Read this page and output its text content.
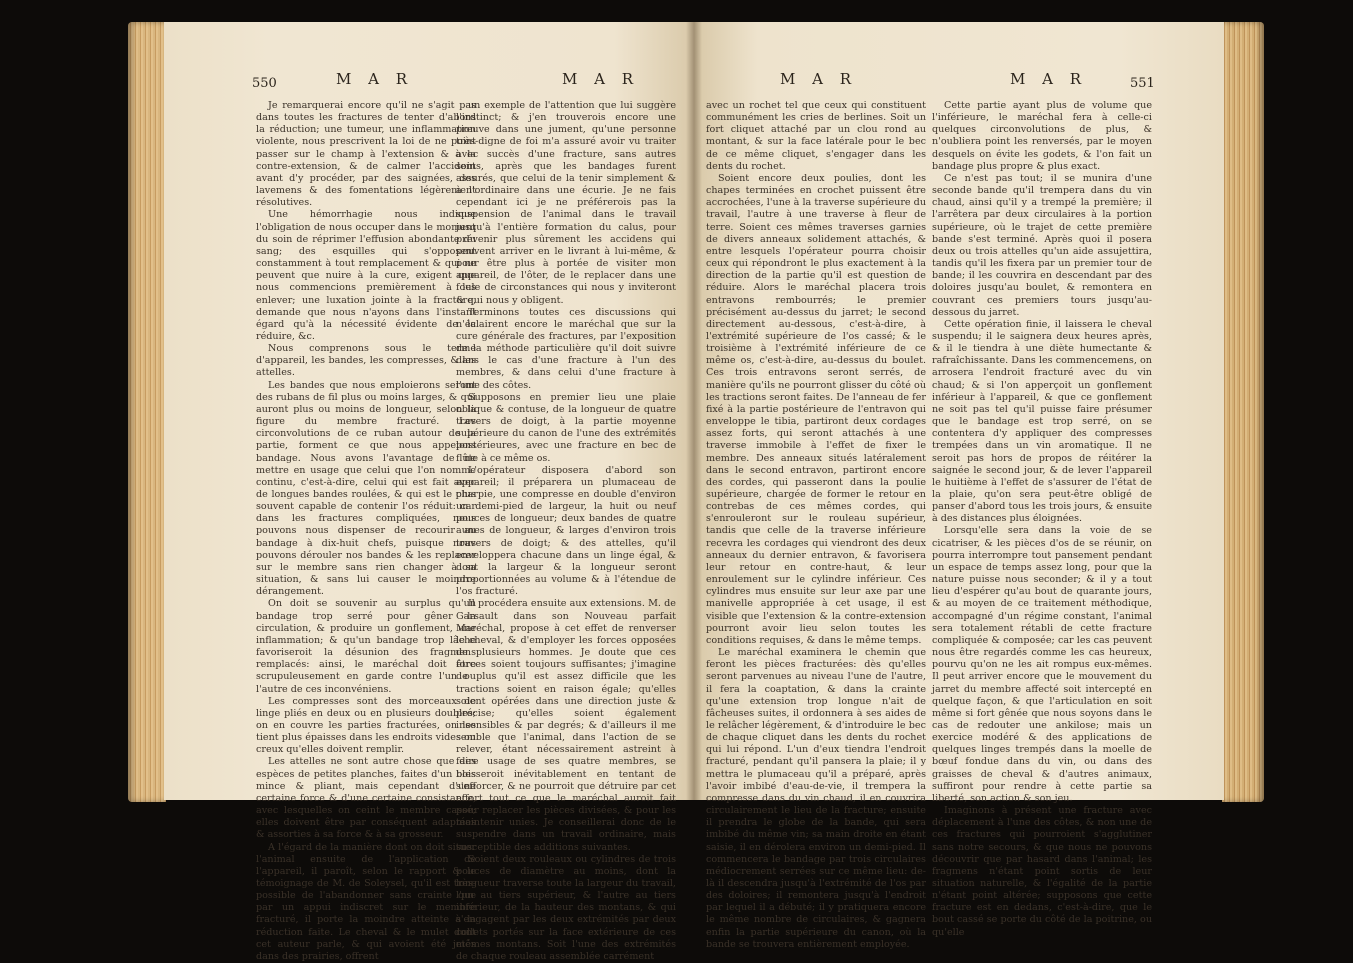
550	M A R	M A R

Je remarquerai encore qu'il ne s'agit pas dans toutes les fractures de tenter d'abord la réduction; une tumeur, une inflammation violente, nous prescrivent la loi de ne point passer sur le champ à l'extension & à la contre-extension, & de calmer l'accident avant d'y procéder, par des saignées, des lavemens & des fomentations légèrement résolutives.

Une hémorrhagie nous indique l'obligation de nous occuper dans le moment du soin de réprimer l'effusion abondante du sang; des esquilles qui s'opposent constamment à tout remplacement & qui ne peuvent que nuire à la cure, exigent que nous commencions premièrement à les enlever; une luxation jointe à la fracture, demande que nous n'ayons dans l'instant égard qu'à la nécessité évidente de la réduire, &c.

Nous comprenons sous le terme d'appareil, les bandes, les compresses, & les attelles.

Les bandes que nous emploierons seront des rubans de fil plus ou moins larges, & qui auront plus ou moins de longueur, selon la figure du membre fracturé. Les circonvolutions de ce ruban autour de la partie, forment ce que nous appelons bandage. Nous avons l'avantage de ne mettre en usage que celui que l'on nomme continu, c'est-à-dire, celui qui est fait avec de longues bandes roulées, & qui est le plus souvent capable de contenir l'os réduit: car dans les fractures compliquées, nous pouvons nous dispenser de recourir au bandage à dix-huit chefs, puisque nous pouvons dérouler nos bandes & les replacer sur le membre sans rien changer à sa situation, & sans lui causer le moindre dérangement.

On doit se souvenir au surplus qu'un bandage trop serré pour gêner la circulation, & produire un gonflement, une inflammation; & qu'un bandage trop lâche favoriseroit la désunion des fragmens remplacés: ainsi, le maréchal doit être scrupuleusement en garde contre l'un ou l'autre de ces inconvéniens.

Les compresses sont des morceaux de linge pliés en deux ou en plusieurs doubles; on en couvre les parties fracturées, on les tient plus épaisses dans les endroits vides ou creux qu'elles doivent remplir.

Les attelles ne sont autre chose que des espèces de petites planches, faites d'un bois mince & pliant, mais cependant d'une certaine force & d'une certaine consistance, avec lesquelles on ceint le membre cassé; elles doivent être par conséquent adaptées & assorties à sa force & à sa grosseur.

A l'égard de la manière dont on doit situer l'animal ensuite de l'application de l'appareil, il paroît, selon le rapport & le témoignage de M. de Soleysel, qu'il est très-possible de l'abandonner sans crainte que par un appui indiscret sur le membre fracturé, il porte la moindre atteinte à la réduction faite. Le cheval & le mulet dont cet auteur parle, & qui avoient été jetés dans des prairies, offrent

un exemple de l'attention que lui suggère l'instinct; & j'en trouverois encore une preuve dans une jument, qu'une personne très-digne de foi m'a assuré avoir vu traiter avec succès d'une fracture, sans autres soins, après que les bandages furent assurés, que celui de la tenir simplement & à l'ordinaire dans une écurie. Je ne fais cependant ici je ne préférerois pas la suspension de l'animal dans le travail jusqu'à l'entière formation du calus, pour prévenir plus sûrement les accidens qui peuvent arriver en le livrant à lui-même, & pour être plus à portée de visiter mon appareil, de l'ôter, de le replacer dans une foule de circonstances qui nous y inviteront & qui nous y obligent.

Terminons toutes ces discussions qui n'éclairent encore le maréchal que sur la cure générale des fractures, par l'exposition de la méthode particulière qu'il doit suivre dans le cas d'une fracture à l'un des membres, & dans celui d'une fracture à l'une des côtes.

Supposons en premier lieu une plaie oblique & contuse, de la longueur de quatre travers de doigt, à la partie moyenne supérieure du canon de l'une des extrémités postérieures, avec une fracture en bec de flûte à ce même os.

L'opérateur disposera d'abord son appareil; il préparera un plumaceau de charpie, une compresse en double d'environ un demi-pied de largeur, la huit ou neuf pouces de longueur; deux bandes de quatre aunes de longueur, & larges d'environ trois travers de doigt; & des attelles, qu'il enveloppera chacune dans un linge égal, & dont la largeur & la longueur seront proportionnées au volume & à l'étendue de l'os fracturé.

Il procédera ensuite aux extensions. M. de Garsault dans son Nouveau parfait Maréchal, propose à cet effet de renverser le cheval, & d'employer les forces opposées de plusieurs hommes. Je doute que ces forces soient toujours suffisantes; j'imagine de plus qu'il est assez difficile que les tractions soient en raison égale; qu'elles soient opérées dans une direction juste & précise; qu'elles soient également insensibles & par degrés; & d'ailleurs il me semble que l'animal, dans l'action de se relever, étant nécessairement astreint à faire usage de ses quatre membres, se blesseroit inévitablement en tentant de s'efforcer, & ne pourroit que détruire par cet effort tout ce que le maréchal auroit fait pour replacer les pièces divisées, & pour les maintenir unies. Je conseillerai donc de le suspendre dans un travail ordinaire, mais susceptible des additions suivantes.

Soient deux rouleaux ou cylindres de trois pouces de diamètre au moins, dont la longueur traverse toute la largeur du travail, l'un au tiers supérieur, & l'autre au tiers inférieur, de la hauteur des montans, & qui s'engagent par les deux extrémités par deux collets portés sur la face extérieure de ces mêmes montans. Soit l'une des extrémités de chaque rouleau assemblée carrément

M A R	M A R	551

avec un rochet tel que ceux qui constituent communément les cries de berlines. Soit un fort cliquet attaché par un clou rond au montant, & sur la face latérale pour le bec de ce même cliquet, s'engager dans les dents du rochet.

Soient encore deux poulies, dont les chapes terminées en crochet puissent être accrochées, l'une à la traverse supérieure du travail, l'autre à une traverse à fleur de terre. Soient ces mêmes traverses garnies de divers anneaux solidement attachés, & entre lesquels l'opérateur pourra choisir ceux qui répondront le plus exactement à la direction de la partie qu'il est question de réduire. Alors le maréchal placera trois entravons rembourrés; le premier précisément au-dessus du jarret; le second directement au-dessous, c'est-à-dire, à l'extrémité supérieure de l'os cassé; & le troisième à l'extrémité inférieure de ce même os, c'est-à-dire, au-dessus du boulet. Ces trois entravons seront serrés, de manière qu'ils ne pourront glisser du côté où les tractions seront faites. De l'anneau de fer fixé à la partie postérieure de l'entravon qui enveloppe le tibia, partiront deux cordages assez forts, qui seront attachés à une traverse immobile à l'effet de fixer le membre. Des anneaux situés latéralement dans le second entravon, partiront encore des cordes, qui passeront dans la poulie supérieure, chargée de former le retour en contrebas de ces mêmes cordes, qui s'enrouleront sur le rouleau supérieur, tandis que celle de la traverse inférieure recevra les cordages qui viendront des deux anneaux du dernier entravon, & favorisera leur retour en contre-haut, & leur enroulement sur le cylindre inférieur. Ces cylindres mus ensuite sur leur axe par une manivelle appropriée à cet usage, il est visible que l'extension & la contre-extension pourront avoir lieu selon toutes les conditions requises, & dans le même temps.

Le maréchal examinera le chemin que feront les pièces fracturées: dès qu'elles seront parvenues au niveau l'une de l'autre, il fera la coaptation, & dans la crainte qu'une extension trop longue n'ait de fâcheuses suites, il ordonnera à ses aides de le relâcher légèrement, & d'introduire le bec de chaque cliquet dans les dents du rochet qui lui répond. L'un d'eux tiendra l'endroit fracturé, pendant qu'il pansera la plaie; il y mettra le plumaceau qu'il a préparé, après l'avoir imbibé d'eau-de-vie, il trempera la compresse dans du vin chaud, il en couvrira circulairement le lieu de la fracture; ensuite il prendra le globe de la bande, qui sera imbibé du même vin; sa main droite en étant saisie, il en dérolera environ un demi-pied. Il commencera le bandage par trois circulaires médiocrement serrées sur ce même lieu: de-là il descendra jusqu'à l'extrémité de l'os par des doloires; il remontera jusqu'à l'endroit par lequel il a débuté; il y pratiquera encore le même nombre de circulaires, & gagnera enfin la partie supérieure du canon, où la bande se trouvera entièrement employée.

Cette partie ayant plus de volume que l'inférieure, le maréchal fera à celle-ci quelques circonvolutions de plus, & n'oubliera point les renversés, par le moyen desquels on évite les godets, & l'on fait un bandage plus propre & plus exact.

Ce n'est pas tout; il se munira d'une seconde bande qu'il trempera dans du vin chaud, ainsi qu'il y a trempé la première; il l'arrêtera par deux circulaires à la portion supérieure, où le trajet de cette première bande s'est terminé. Après quoi il posera deux ou trois attelles qu'un aide assujettira, tandis qu'il les fixera par un premier tour de bande; il les couvrira en descendant par des doloires jusqu'au boulet, & remontera en couvrant ces premiers tours jusqu'au-dessous du jarret.

Cette opération finie, il laissera le cheval suspendu; il le saignera deux heures après, & il le tiendra à une diète humectante & rafraîchissante. Dans les commencemens, on arrosera l'endroit fracturé avec du vin chaud; & si l'on apperçoit un gonflement inférieur à l'appareil, & que ce gonflement ne soit pas tel qu'il puisse faire présumer que le bandage est trop serré, on se contentera d'y appliquer des compresses trempées dans un vin aromatique. Il ne seroit pas hors de propos de réitérer la saignée le second jour, & de lever l'appareil le huitième à l'effet de s'assurer de l'état de la plaie, qu'on sera peut-être obligé de panser d'abord tous les trois jours, & ensuite à des distances plus éloignées.

Lorsqu'elle sera dans la voie de se cicatriser, & les pièces d'os de se réunir, on pourra interrompre tout pansement pendant un espace de temps assez long, pour que la nature puisse nous seconder; & il y a tout lieu d'espérer qu'au bout de quarante jours, & au moyen de ce traitement méthodique, accompagné d'un régime constant, l'animal sera totalement rétabli de cette fracture compliquée & composée; car les cas peuvent nous être regardés comme les cas heureux, pourvu qu'on ne les ait rompus eux-mêmes. Il peut arriver encore que le mouvement du jarret du membre affecté soit intercepté en quelque façon, & que l'articulation en soit même si fort gênée que nous soyons dans le cas de redouter une ankilose; mais un exercice modéré & des applications de quelques linges trempés dans la moelle de bœuf fondue dans du vin, ou dans des graisses de cheval & d'autres animaux, suffiront pour rendre à cette partie sa liberté, son action & son jeu.

Imaginons à présent une fracture avec déplacement à l'une des côtes, & non une de ces fractures qui pourroient s'agglutiner sans notre secours, & que nous ne pouvons découvrir que par hasard dans l'animal; les fragmens n'étant point sortis de leur situation naturelle, & l'égalité de la partie n'étant point altérée; supposons que cette fracture est en dedans, c'est-à-dire, que le bout cassé se porte du côté de la poitrine, ou qu'elle
